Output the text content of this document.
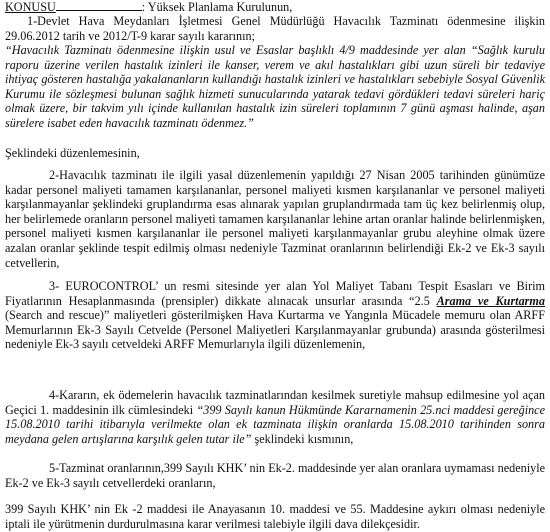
KONUSU	: Yüksek Planlama Kurulunun,

1-Devlet Hava Meydanları İşletmesi Genel Müdürlüğü Havacılık Tazminatı ödenmesine ilişkin 29.06.2012 tarih ve 2012/T-9 karar sayılı kararının;

“Havacılık Tazminatı ödenmesine ilişkin usul ve Esaslar başlıklı 4/9 maddesinde yer alan “Sağlık kurulu raporu üzerine verilen hastalık izinleri ile kanser, verem ve akıl hastalıkları gibi uzun süreli bir tedaviye ihtiyaç gösteren hastalığa yakalananların kullandığı hastalık izinleri ve hastalıkları sebebiyle Sosyal Güvenlik Kurumu ile sözleşmesi bulunan sağlık hizmeti sunucularında yatarak tedavi gördükleri tedavi süreleri hariç olmak üzere, bir takvim yılı içinde kullanılan hastalık izin süreleri toplamının 7 günü aşması halinde, aşan sürelere isabet eden havacılık tazminatı ödenmez.”

Şeklindeki düzenlemesinin,

2-Havacılık tazminatı ile ilgili yasal düzenlemenin yapıldığı 27 Nisan 2005 tarihinden günümüze kadar personel maliyeti tamamen karşılananlar, personel maliyeti kısmen karşılananlar ve personel maliyeti karşılanmayanlar şeklindeki gruplandırma esas alınarak yapılan gruplandırmada tam üç kez belirlenmiş olup, her belirlemede oranların personel maliyeti tamamen karşılananlar lehine artan oranlar halinde belirlenmişken, personel maliyeti kısmen karşılananlar ile personel maliyeti karşılanmayanlar grubu aleyhine olmak üzere azalan oranlar şeklinde tespit edilmiş olması nedeniyle Tazminat oranlarının belirlendiği Ek-2 ve Ek-3 sayılı cetvellerin,

3- EUROCONTROL’ un resmi sitesinde yer alan Yol Maliyet Tabanı Tespit Esasları ve Birim Fiyatlarının Hesaplanmasında (prensipler) dikkate alınacak unsurlar arasında “2.5 Arama ve Kurtarma (Search and rescue)” maliyetleri gösterilmişken Hava Kurtarma ve Yangınla Mücadele memuru olan ARFF Memurlarının Ek-3 Sayılı Cetvelde (Personel Maliyetleri Karşılanmayanlar grubunda) arasında gösterilmesi nedeniyle Ek-3 sayılı cetveldeki ARFF Memurlarıyla ilgili düzenlemenin,

4-Kararın, ek ödemelerin havacılık tazminatlarından kesilmek suretiyle mahsup edilmesine yol açan Geçici 1. maddesinin ilk cümlesindeki “399 Sayılı kanun Hükmünde Kararnamenin 25.nci maddesi gereğince 15.08.2010 tarihi itibarıyla verilmekte olan ek tazminata ilişkin oranlarda 15.08.2010 tarihinden sonra meydana gelen artışlarına karşılık gelen tutar ile” şeklindeki kısmının,

5-Tazminat oranlarının,399 Sayılı KHK’ nin Ek-2. maddesinde yer alan oranlara uymaması nedeniyle Ek-2 ve Ek-3 sayılı cetvellerdeki oranların,

399 Sayılı KHK’ nin Ek -2 maddesi ile Anayasanın 10. maddesi ve 55. Maddesine aykırı olması nedeniyle iptali ile yürütmenin durdurulmasına karar verilmesi talebiyle ilgili dava dilekçesidir.
